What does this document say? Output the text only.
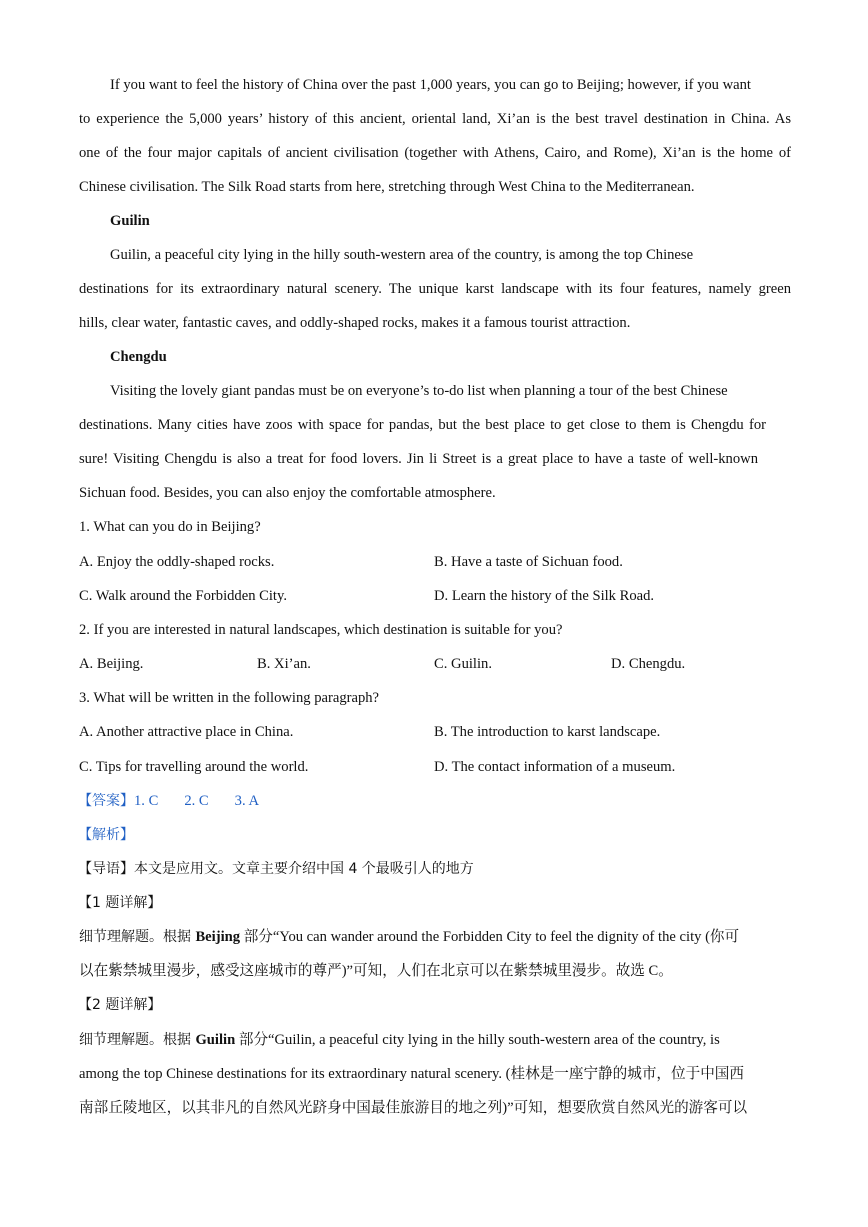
If you want to feel the history of China over the past 1,000 years, you can go to Beijing; however, if you want
to experience the 5,000 years’ history of this ancient, oriental land, Xi’an is the best travel destination in China. As
one of the four major capitals of ancient civilisation (together with Athens, Cairo, and Rome), Xi’an is the home of
Chinese civilisation. The Silk Road starts from here, stretching through West China to the Mediterranean.
Guilin
Guilin, a peaceful city lying in the hilly south-western area of the country, is among the top Chinese
destinations for its extraordinary natural scenery. The unique karst landscape with its four features, namely green
hills, clear water, fantastic caves, and oddly-shaped rocks, makes it a famous tourist attraction.
Chengdu
Visiting the lovely giant pandas must be on everyone’s to-do list when planning a tour of the best Chinese
destinations. Many cities have zoos with space for pandas, but the best place to get close to them is Chengdu for
sure! Visiting Chengdu is also a treat for food lovers. Jin li Street is a great place to have a taste of well-known
Sichuan food. Besides, you can also enjoy the comfortable atmosphere.
1. What can you do in Beijing?
A. Enjoy the oddly-shaped rocks.	B. Have a taste of Sichuan food.
C. Walk around the Forbidden City.	D. Learn the history of the Silk Road.
2. If you are interested in natural landscapes, which destination is suitable for you?
A. Beijing.	B. Xi’an.	C. Guilin.	D. Chengdu.
3. What will be written in the following paragraph?
A. Another attractive place in China.	B. The introduction to karst landscape.
C. Tips for travelling around the world.	D. The contact information of a museum.
【答案】1. C 2. C 3. A
【解析】
【导语】本文是应用文。文章主要介绍中国 4 个最吸引人的地方
【1 题详解】
细节理解题。根据 Beijing 部分“You can wander around the Forbidden City to feel the dignity of the city (你可
以在紫禁城里漫步，感受这座城市的尊严)”可知，人们在北京可以在紫禁城里漫步。故选 C。
【2 题详解】
细节理解题。根据 Guilin 部分“Guilin, a peaceful city lying in the hilly south-western area of the country, is
among the top Chinese destinations for its extraordinary natural scenery. (桂林是一座宁静的城市，位于中国西
南部丘陵地区，以其非凡的自然风光跻身中国最佳旅游目的地之列)”可知，想要欣赏自然风光的游客可以
